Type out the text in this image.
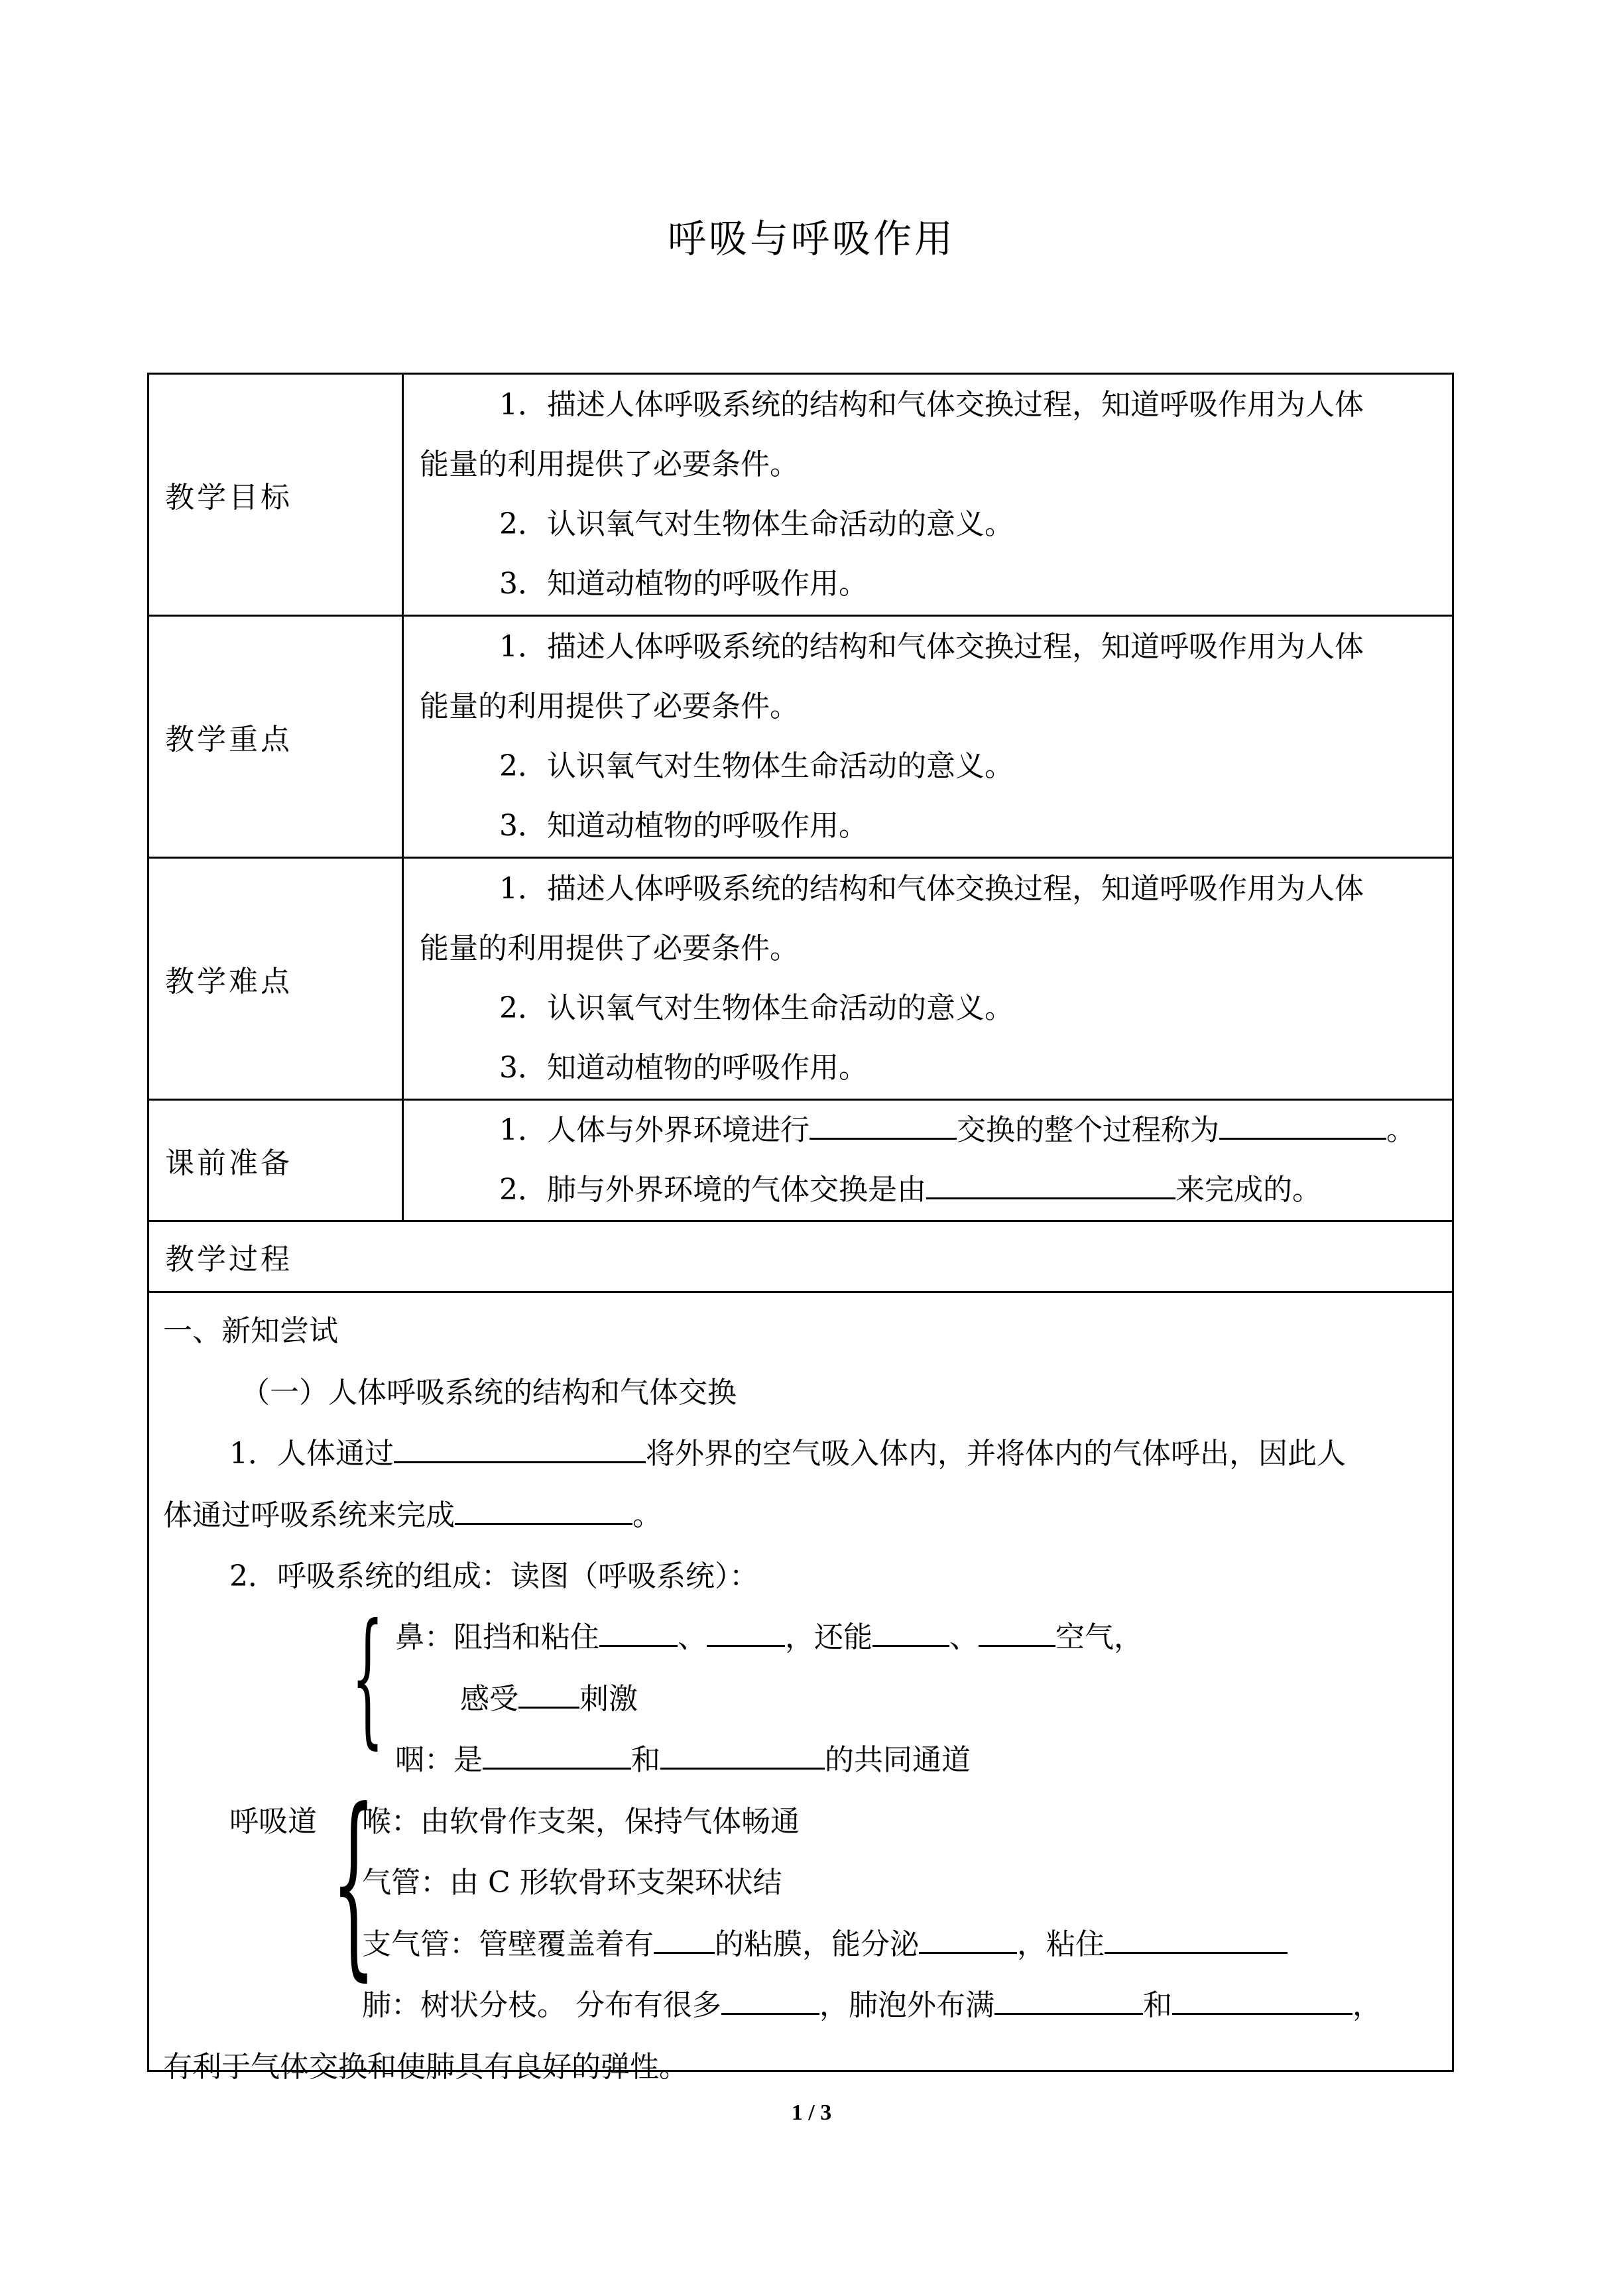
呼吸与呼吸作用
教学目标	1．描述人体呼吸系统的结构和气体交换过程，知道呼吸作用为人体
能量的利用提供了必要条件。
2．认识氧气对生物体生命活动的意义。
3．知道动植物的呼吸作用。

教学重点	1．描述人体呼吸系统的结构和气体交换过程，知道呼吸作用为人体
能量的利用提供了必要条件。
2．认识氧气对生物体生命活动的意义。
3．知道动植物的呼吸作用。

教学难点	1．描述人体呼吸系统的结构和气体交换过程，知道呼吸作用为人体
能量的利用提供了必要条件。
2．认识氧气对生物体生命活动的意义。
3．知道动植物的呼吸作用。

课前准备	1．人体与外界环境进行 交换的整个过程称为 。
2．肺与外界环境的气体交换是由 来完成的。

教学过程	

一、新知尝试
（一）人体呼吸系统的结构和气体交换
1．人体通过	将外界的空气吸入体内，并将体内的气体呼出，因此人
体通过呼吸系统来完成	。
2．呼吸系统的组成：读图（呼吸系统）：
{ 鼻：阻挡和粘住	、	，还能	、	空气，
感受 刺激
咽：是	和	的共同通道
呼吸道 {
喉：由软骨作支架，保持气体畅通
气管：由 C 形软骨环支架环状结
支气管：管壁覆盖着有 的粘膜，能分泌	，粘住
肺：树状分枝。 分布有很多	，肺泡外布满	和	，
有利于气体交换和使肺具有良好的弹性。
1 / 3
